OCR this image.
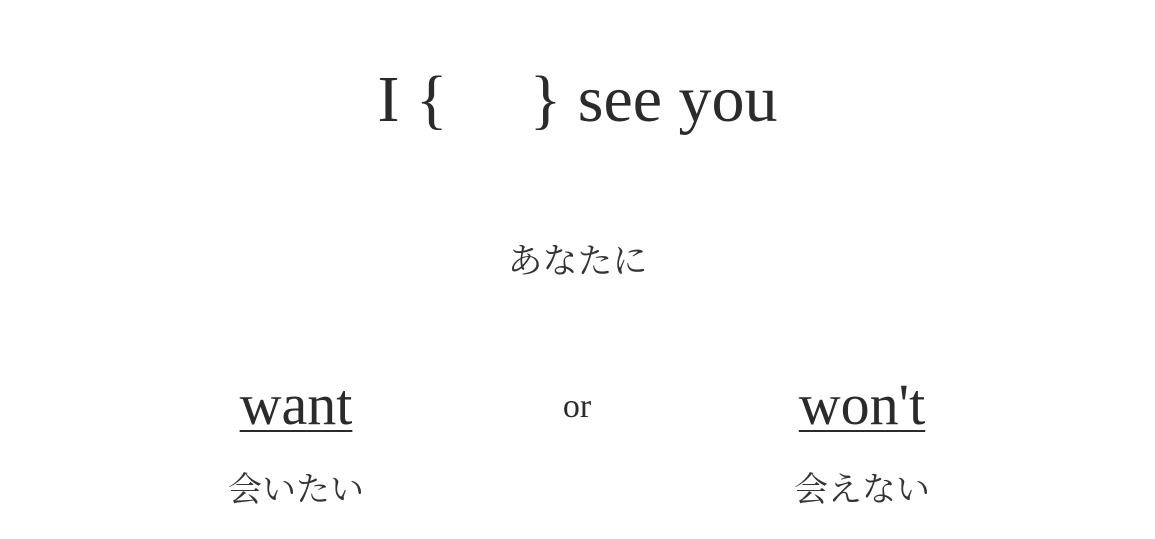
I { } see you
あなたに
want	or	won't
会いたい	会えない
